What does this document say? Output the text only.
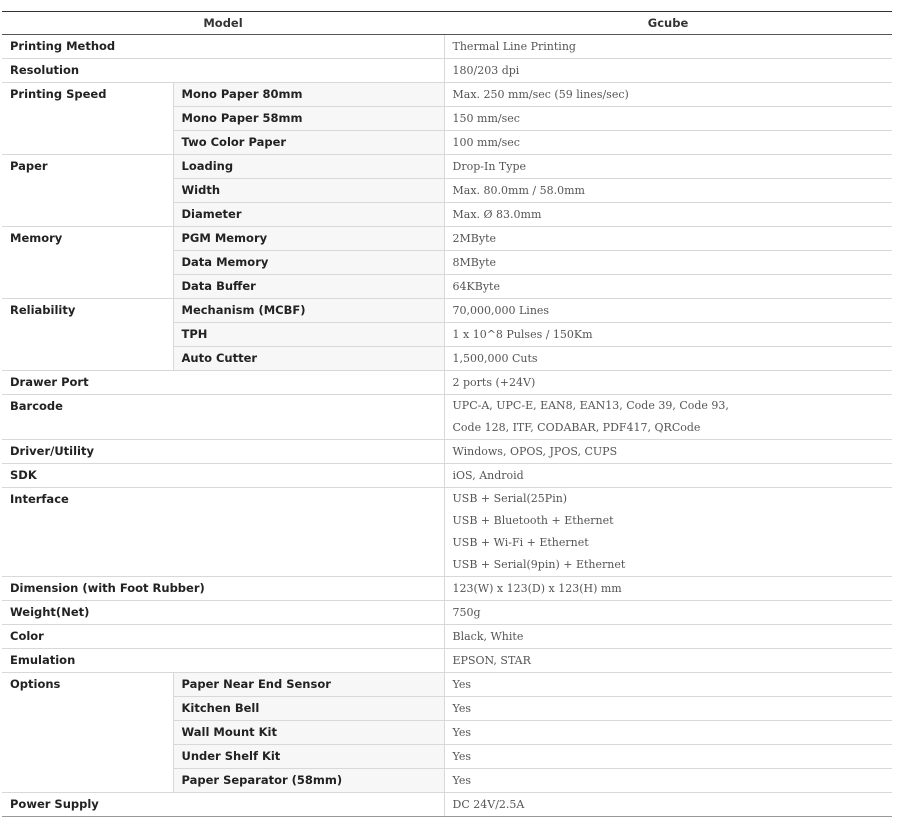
Model		Gcube
Printing Method		Thermal Line Printing
Resolution		180/203 dpi
Printing Speed	Mono Paper 80mm	Max. 250 mm/sec (59 lines/sec)
	Mono Paper 58mm	150 mm/sec
	Two Color Paper	100 mm/sec
Paper	Loading	Drop-In Type
	Width	Max. 80.0mm / 58.0mm
	Diameter	Max. Ø 83.0mm
Memory	PGM Memory	2MByte
	Data Memory	8MByte
	Data Buffer	64KByte
Reliability	Mechanism (MCBF)	70,000,000 Lines
	TPH	1 x 10^8 Pulses / 150Km
	Auto Cutter	1,500,000 Cuts
Drawer Port		2 ports (+24V)
Barcode		UPC-A, UPC-E, EAN8, EAN13, Code 39, Code 93,
Code 128, ITF, CODABAR, PDF417, QRCode

Driver/Utility		Windows, OPOS, JPOS, CUPS
SDK		iOS, Android
Interface		USB + Serial(25Pin)
USB + Bluetooth + Ethernet
USB + Wi-Fi + Ethernet
USB + Serial(9pin) + Ethernet

Dimension (with Foot Rubber)		123(W) x 123(D) x 123(H) mm
Weight(Net)		750g
Color		Black, White
Emulation		EPSON, STAR
Options	Paper Near End Sensor	Yes
	Kitchen Bell	Yes
	Wall Mount Kit	Yes
	Under Shelf Kit	Yes
	Paper Separator (58mm)	Yes
Power Supply		DC 24V/2.5A
